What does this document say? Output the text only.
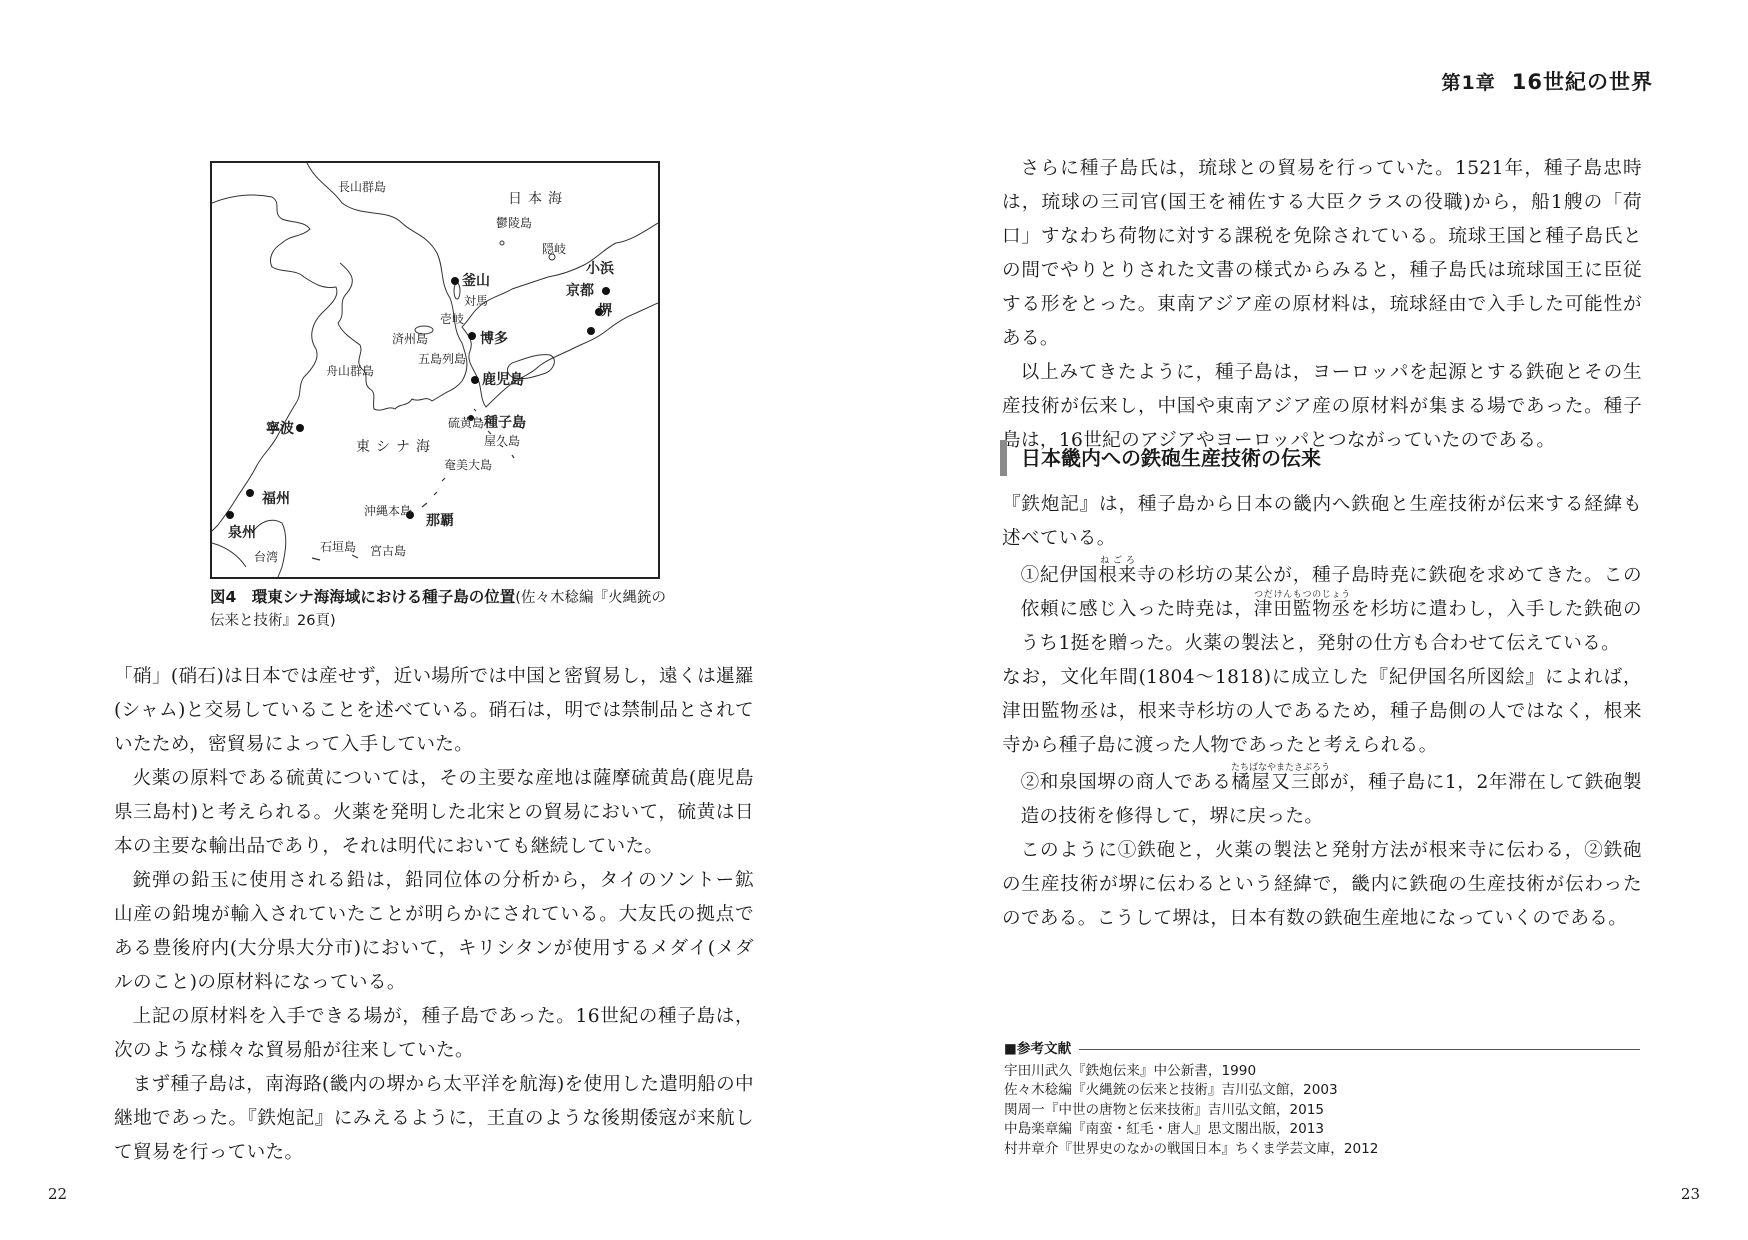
長山群島
日本海
鬱陵島
隠岐
小浜
釜山
京都
対馬
堺
壱岐
博多
済州島
五島列島
舟山群島
鹿児島
寧波	硫黄島 種子島
屋久島
東シナ海
奄美大島
福州
沖縄本島
那覇
泉州
台湾
石垣島 宮古島
図4　環東シナ海海域における種子島の位置(佐々木稔編『火縄銃の伝来と技術』26頁)

「硝」(硝石)は日本では産せず，近い場所では中国と密貿易し，遠くは暹羅(シャム)と交易していることを述べている。硝石は，明では禁制品とされていたため，密貿易によって入手していた。

火薬の原料である硫黄については，その主要な産地は薩摩硫黄島(鹿児島県三島村)と考えられる。火薬を発明した北宋との貿易において，硫黄は日本の主要な輸出品であり，それは明代においても継続していた。

銃弾の鉛玉に使用される鉛は，鉛同位体の分析から，タイのソントー鉱山産の鉛塊が輸入されていたことが明らかにされている。大友氏の拠点である豊後府内(大分県大分市)において，キリシタンが使用するメダイ(メダルのこと)の原材料になっている。

上記の原材料を入手できる場が，種子島であった。16世紀の種子島は，次のような様々な貿易船が往来していた。

まず種子島は，南海路(畿内の堺から太平洋を航海)を使用した遣明船の中継地であった。『鉄炮記』にみえるように，王直のような後期倭寇が来航して貿易を行っていた。

22
第1章 16世紀の世界

さらに種子島氏は，琉球との貿易を行っていた。1521年，種子島忠時は，琉球の三司官(国王を補佐する大臣クラスの役職)から，船1艘の「荷口」すなわち荷物に対する課税を免除されている。琉球王国と種子島氏との間でやりとりされた文書の様式からみると，種子島氏は琉球国王に臣従する形をとった。東南アジア産の原材料は，琉球経由で入手した可能性がある。

以上みてきたように，種子島は，ヨーロッパを起源とする鉄砲とその生産技術が伝来し，中国や東南アジア産の原材料が集まる場であった。種子島は，16世紀のアジアやヨーロッパとつながっていたのである。

日本畿内への鉄砲生産技術の伝来

『鉄炮記』は，種子島から日本の畿内へ鉄砲と生産技術が伝来する経緯も述べている。

①紀伊国根来ねごろ寺の杉坊の某公が，種子島時尭に鉄砲を求めてきた。この依頼に感じ入った時尭は，津田監物丞つだけんもつのじょうを杉坊に遣わし，入手した鉄砲のうち1挺を贈った。火薬の製法と，発射の仕方も合わせて伝えている。

なお，文化年間(1804～1818)に成立した『紀伊国名所図絵』によれば，津田監物丞は，根来寺杉坊の人であるため，種子島側の人ではなく，根来寺から種子島に渡った人物であったと考えられる。

②和泉国堺の商人である橘屋又三郎たちばなやまたさぶろうが，種子島に1，2年滞在して鉄砲製造の技術を修得して，堺に戻った。

このように①鉄砲と，火薬の製法と発射方法が根来寺に伝わる，②鉄砲の生産技術が堺に伝わるという経緯で，畿内に鉄砲の生産技術が伝わったのである。こうして堺は，日本有数の鉄砲生産地になっていくのである。

■参考文献
宇田川武久『鉄炮伝来』中公新書，1990
佐々木稔編『火縄銃の伝来と技術』吉川弘文館，2003
関周一『中世の唐物と伝来技術』吉川弘文館，2015
中島楽章編『南蛮・紅毛・唐人』思文閣出版，2013
村井章介『世界史のなかの戦国日本』ちくま学芸文庫，2012
23
